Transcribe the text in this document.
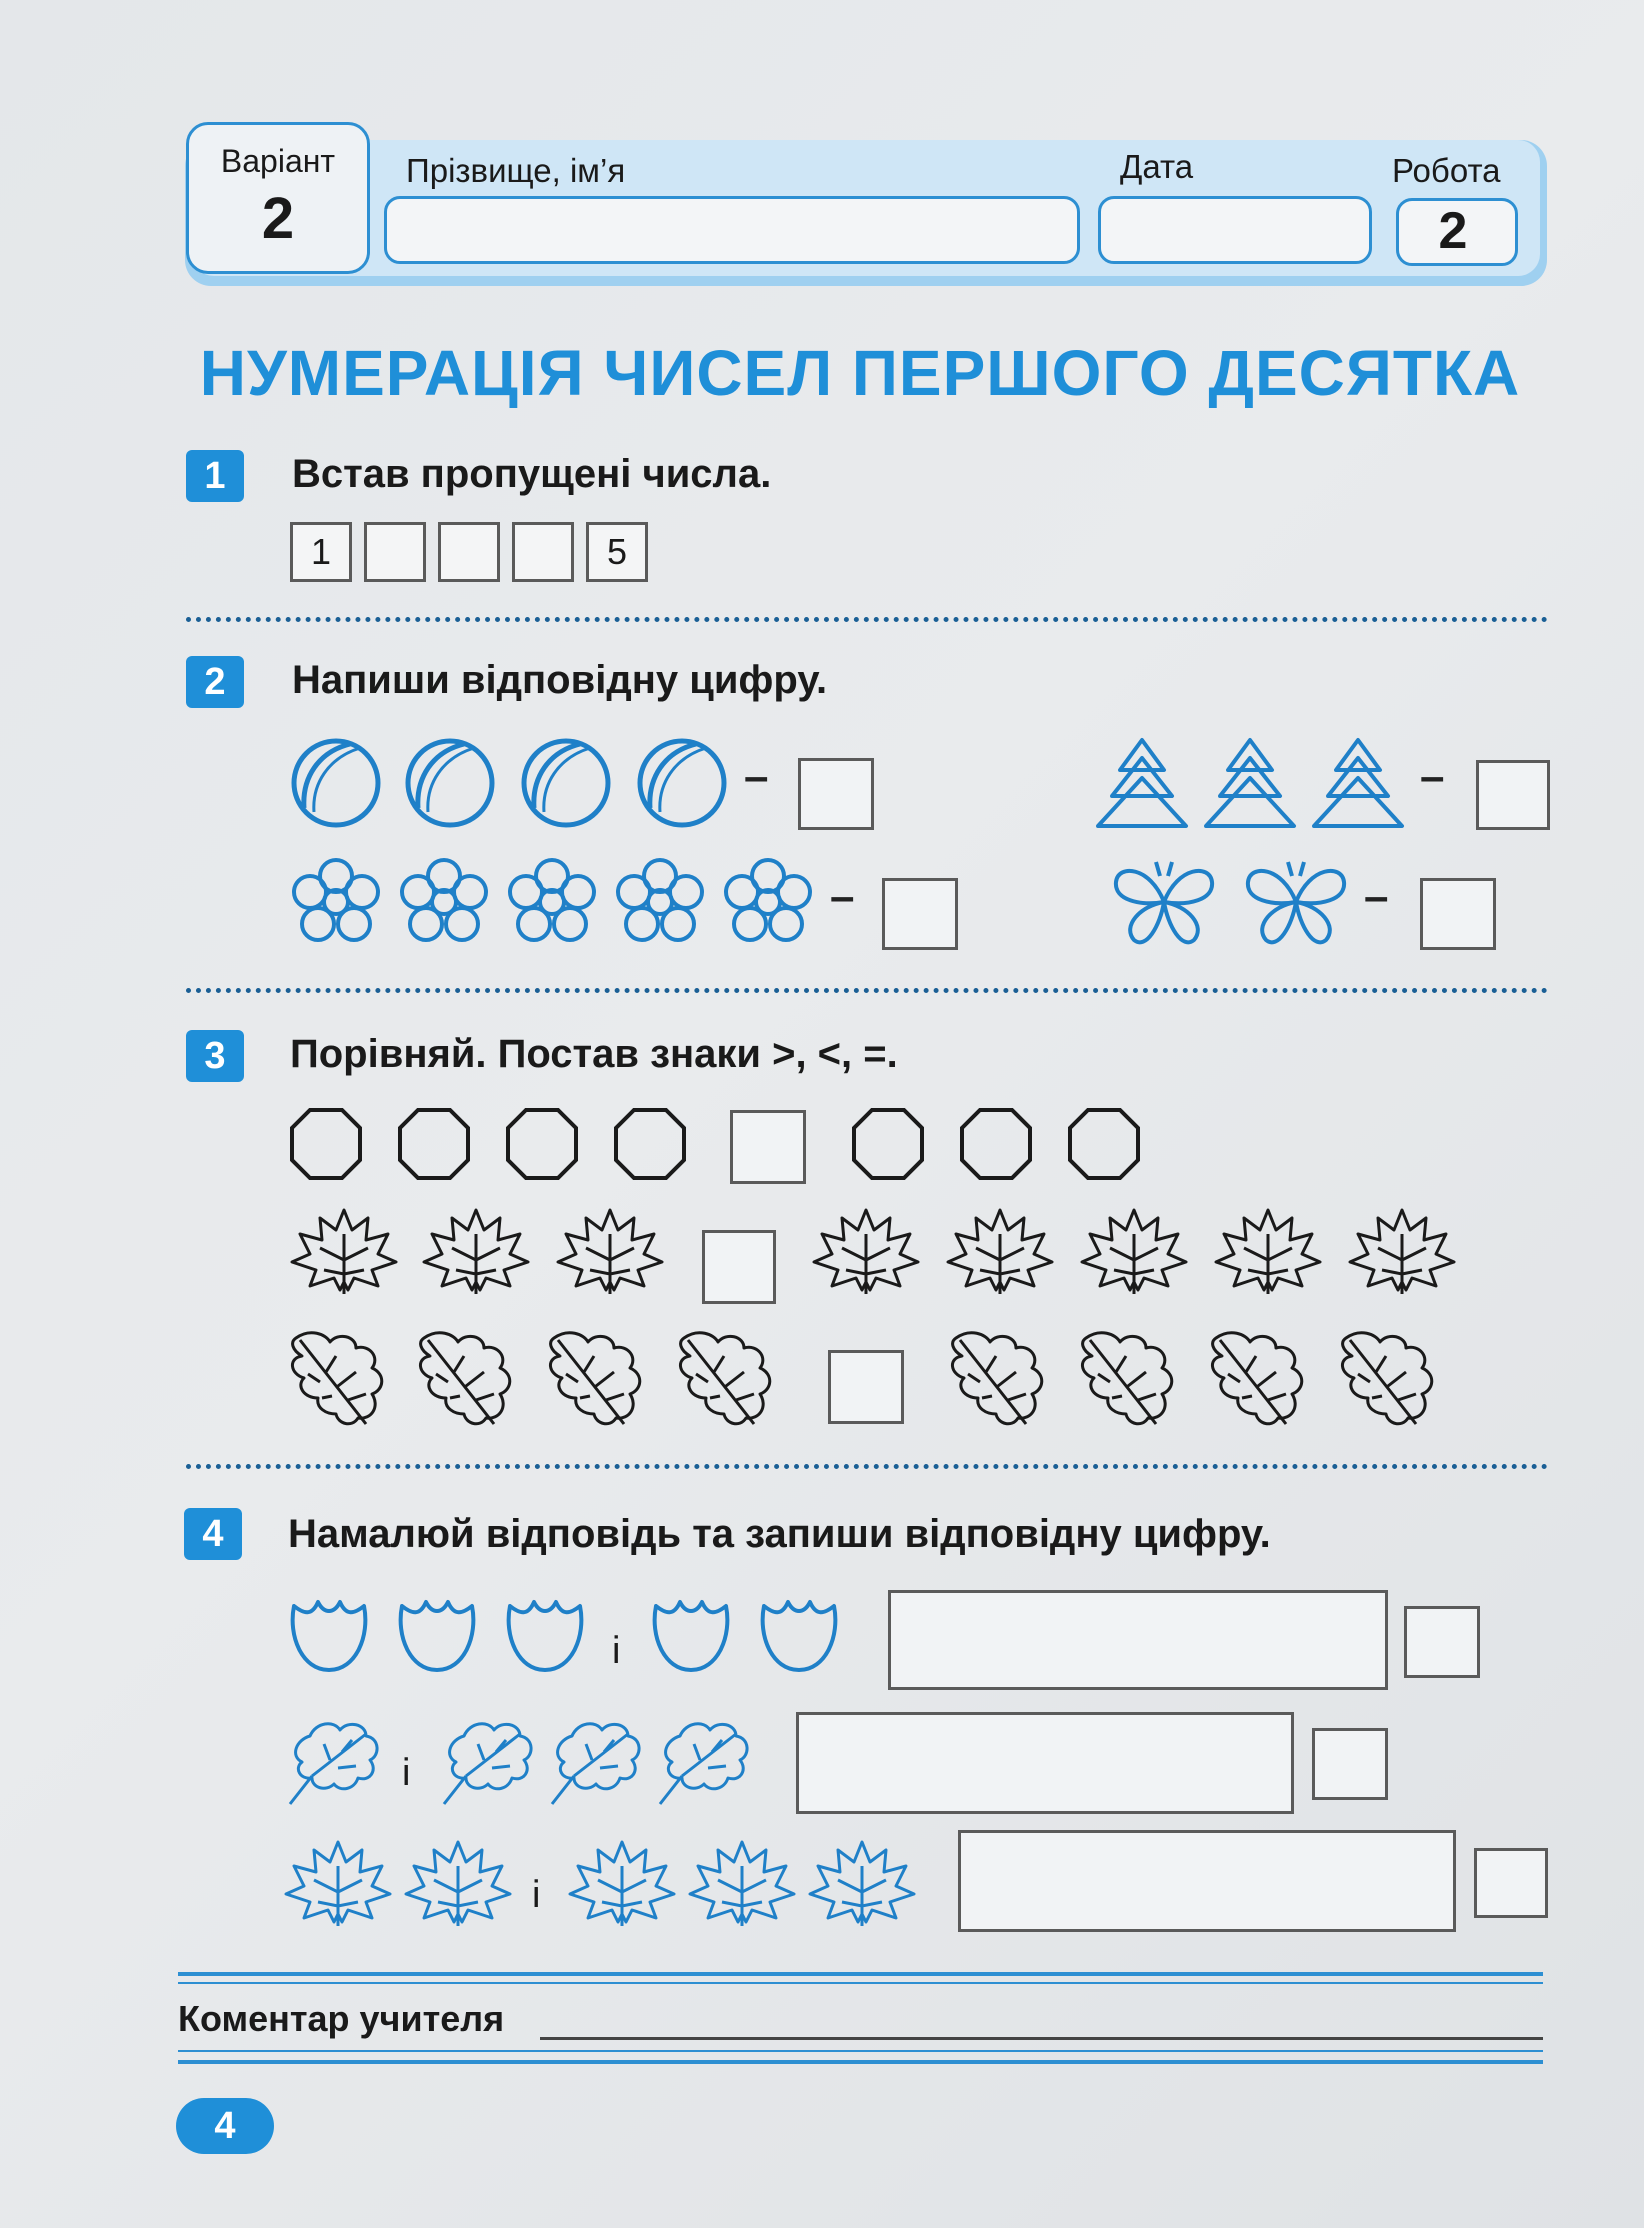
Варіант
2
Прізвище, ім’я	Дата	Робота
2
НУМЕРАЦІЯ ЧИСЕЛ ПЕРШОГО ДЕСЯТКА
1	Встав пропущені числа.
1	5
2	Напиши відповідну цифру.
–	–
–	–
3	Порівняй. Постав знаки >, <, =.
4	Намалюй відповідь та запиши відповідну цифру.
і
і
і
Коментар учителя
4
